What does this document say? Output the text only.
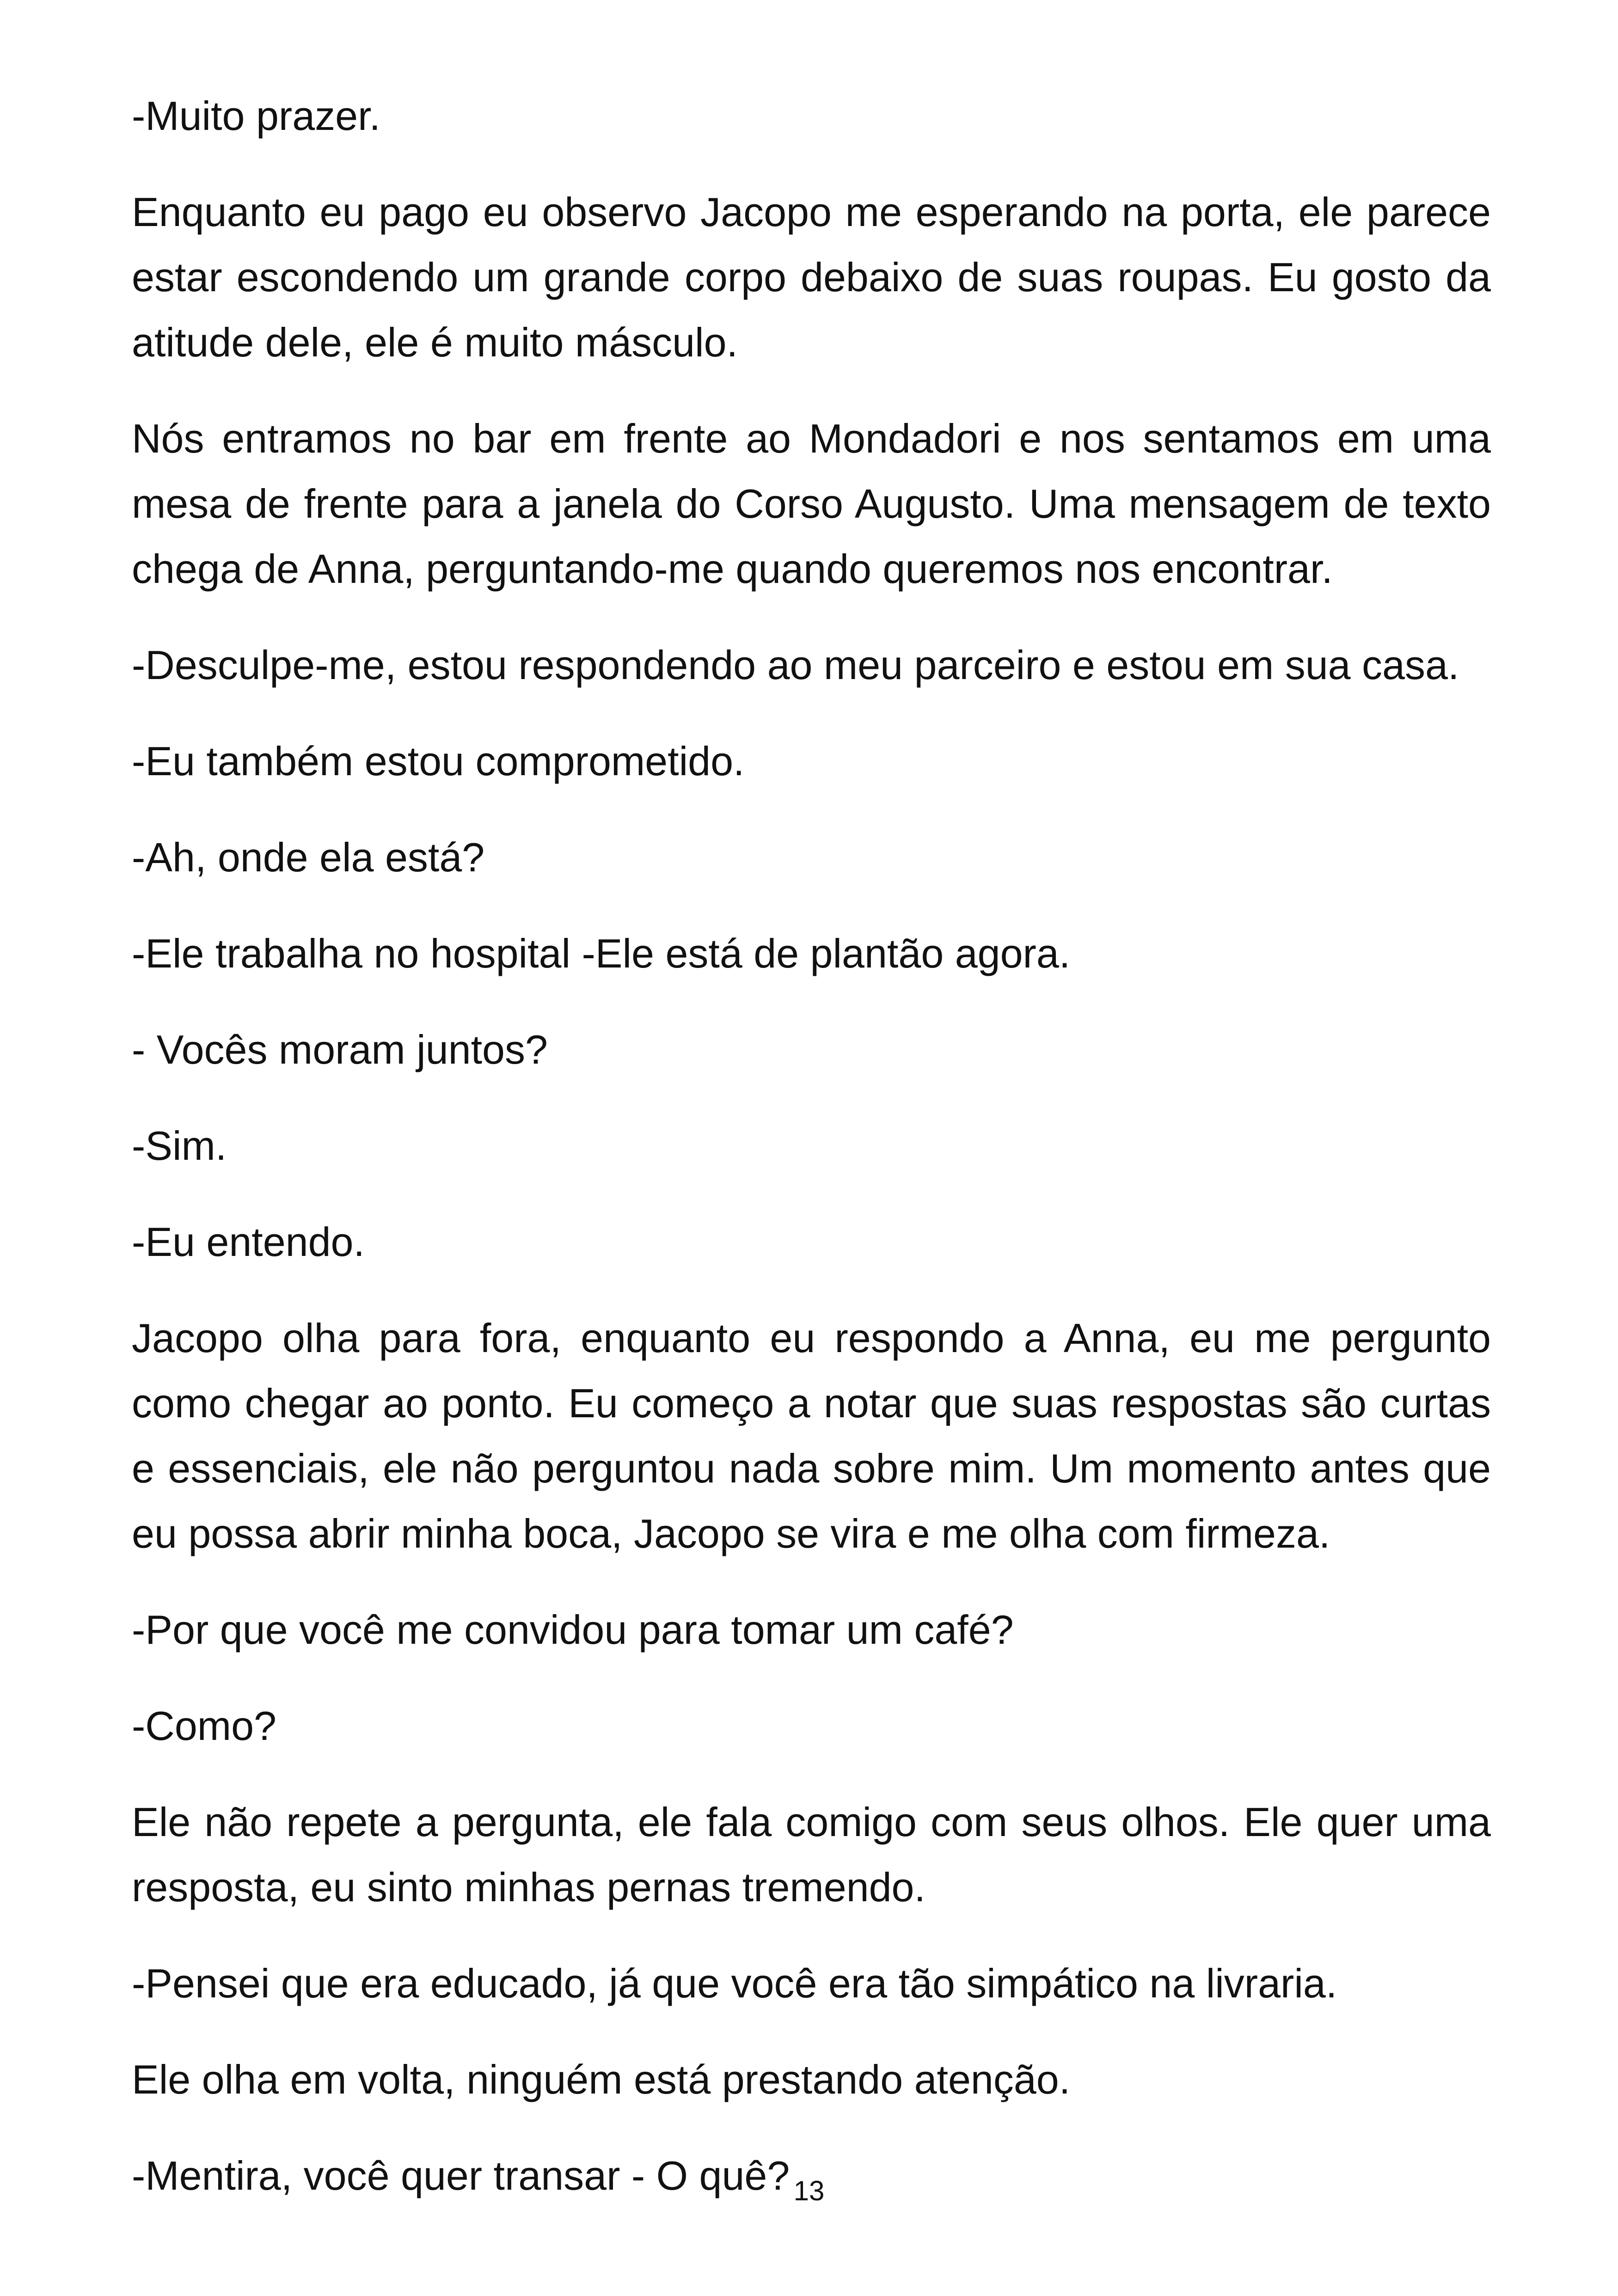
-Muito prazer.

Enquanto eu pago eu observo Jacopo me esperando na porta, ele parece estar escondendo um grande corpo debaixo de suas roupas. Eu gosto da atitude dele, ele é muito másculo.

Nós entramos no bar em frente ao Mondadori e nos sentamos em uma mesa de frente para a janela do Corso Augusto. Uma mensagem de texto chega de Anna, perguntando-me quando queremos nos encontrar.

-Desculpe-me, estou respondendo ao meu parceiro e estou em sua casa.

-Eu também estou comprometido.

-Ah, onde ela está?

-Ele trabalha no hospital -Ele está de plantão agora.

- Vocês moram juntos?

-Sim.

-Eu entendo.

Jacopo olha para fora, enquanto eu respondo a Anna, eu me pergunto como chegar ao ponto. Eu começo a notar que suas respostas são curtas e essenciais, ele não perguntou nada sobre mim. Um momento antes que eu possa abrir minha boca, Jacopo se vira e me olha com firmeza.

-Por que você me convidou para tomar um café?

-Como?

Ele não repete a pergunta, ele fala comigo com seus olhos. Ele quer uma resposta, eu sinto minhas pernas tremendo.

-Pensei que era educado, já que você era tão simpático na livraria.

Ele olha em volta, ninguém está prestando atenção.

-Mentira, você quer transar - O quê? 13
